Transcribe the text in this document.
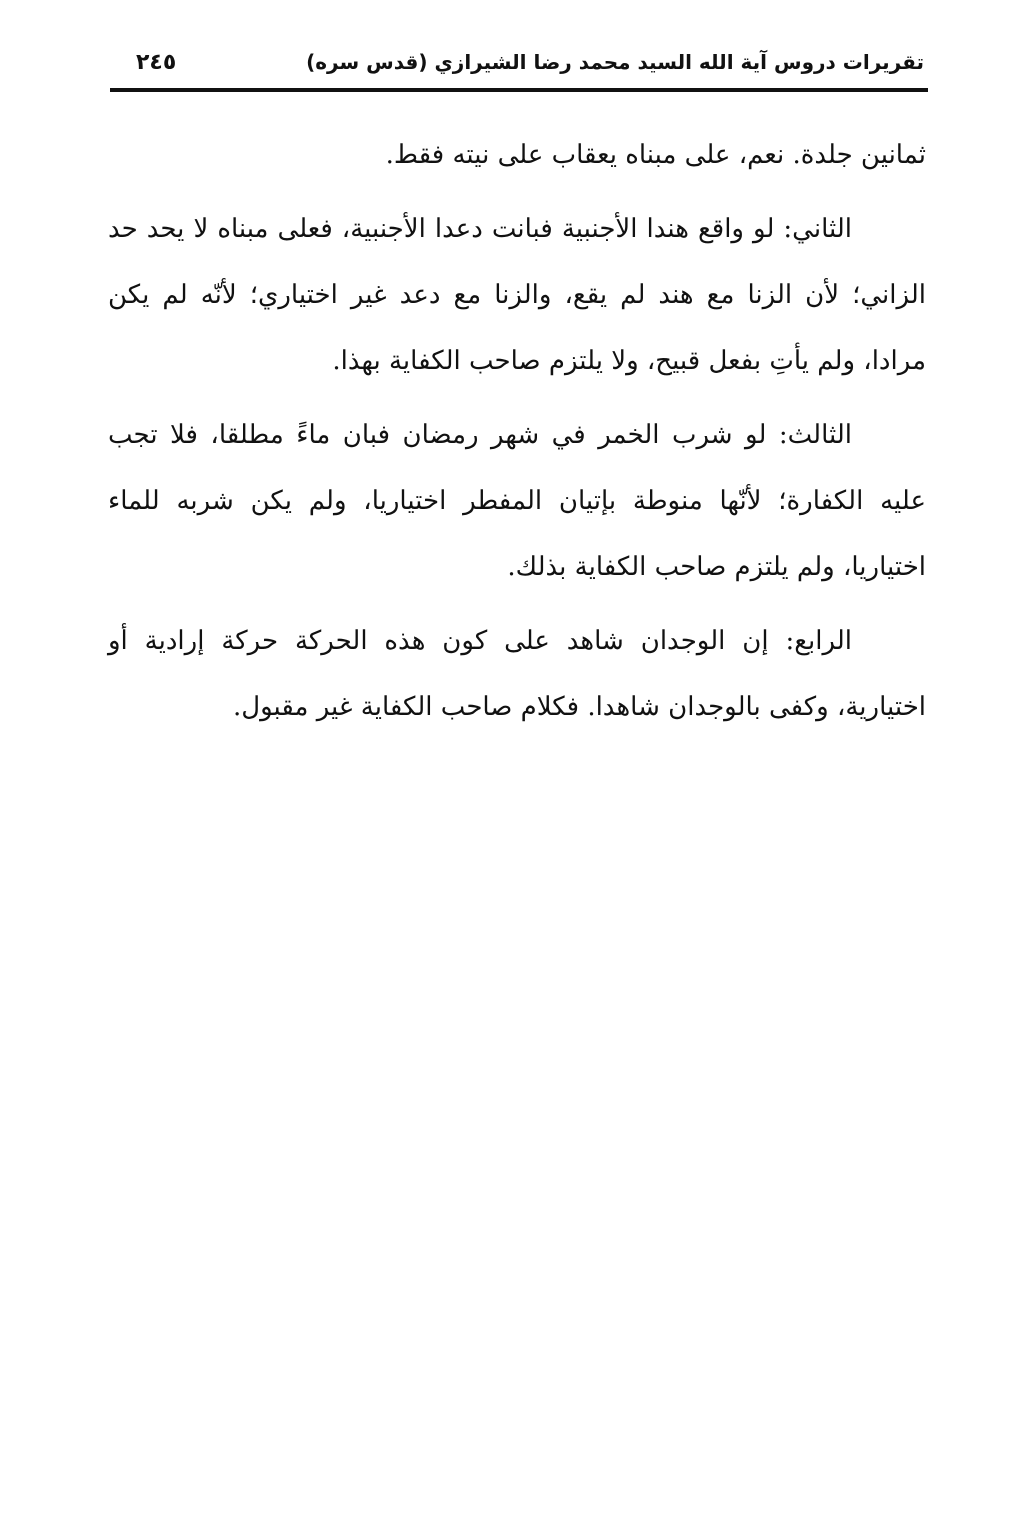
تقريرات دروس آية الله السيد محمد رضا الشيرازي (قدس سره)
٢٤٥

ثمانين جلدة. نعم، على مبناه يعقاب على نيته فقط.

الثاني: لو واقع هندا الأجنبية فبانت دعدا الأجنبية، فعلى مبناه لا يحد حد الزاني؛ لأن الزنا مع هند لم يقع، والزنا مع دعد غير اختياري؛ لأنّه لم يكن مرادا، ولم يأتِ بفعل قبيح، ولا يلتزم صاحب الكفاية بهذا.

الثالث: لو شرب الخمر في شهر رمضان فبان ماءً مطلقا، فلا تجب عليه الكفارة؛ لأنّها منوطة بإتيان المفطر اختياريا، ولم يكن شربه للماء اختياريا، ولم يلتزم صاحب الكفاية بذلك.

الرابع: إن الوجدان شاهد على كون هذه الحركة حركة إرادية أو اختيارية، وكفى بالوجدان شاهدا. فكلام صاحب الكفاية غير مقبول.
